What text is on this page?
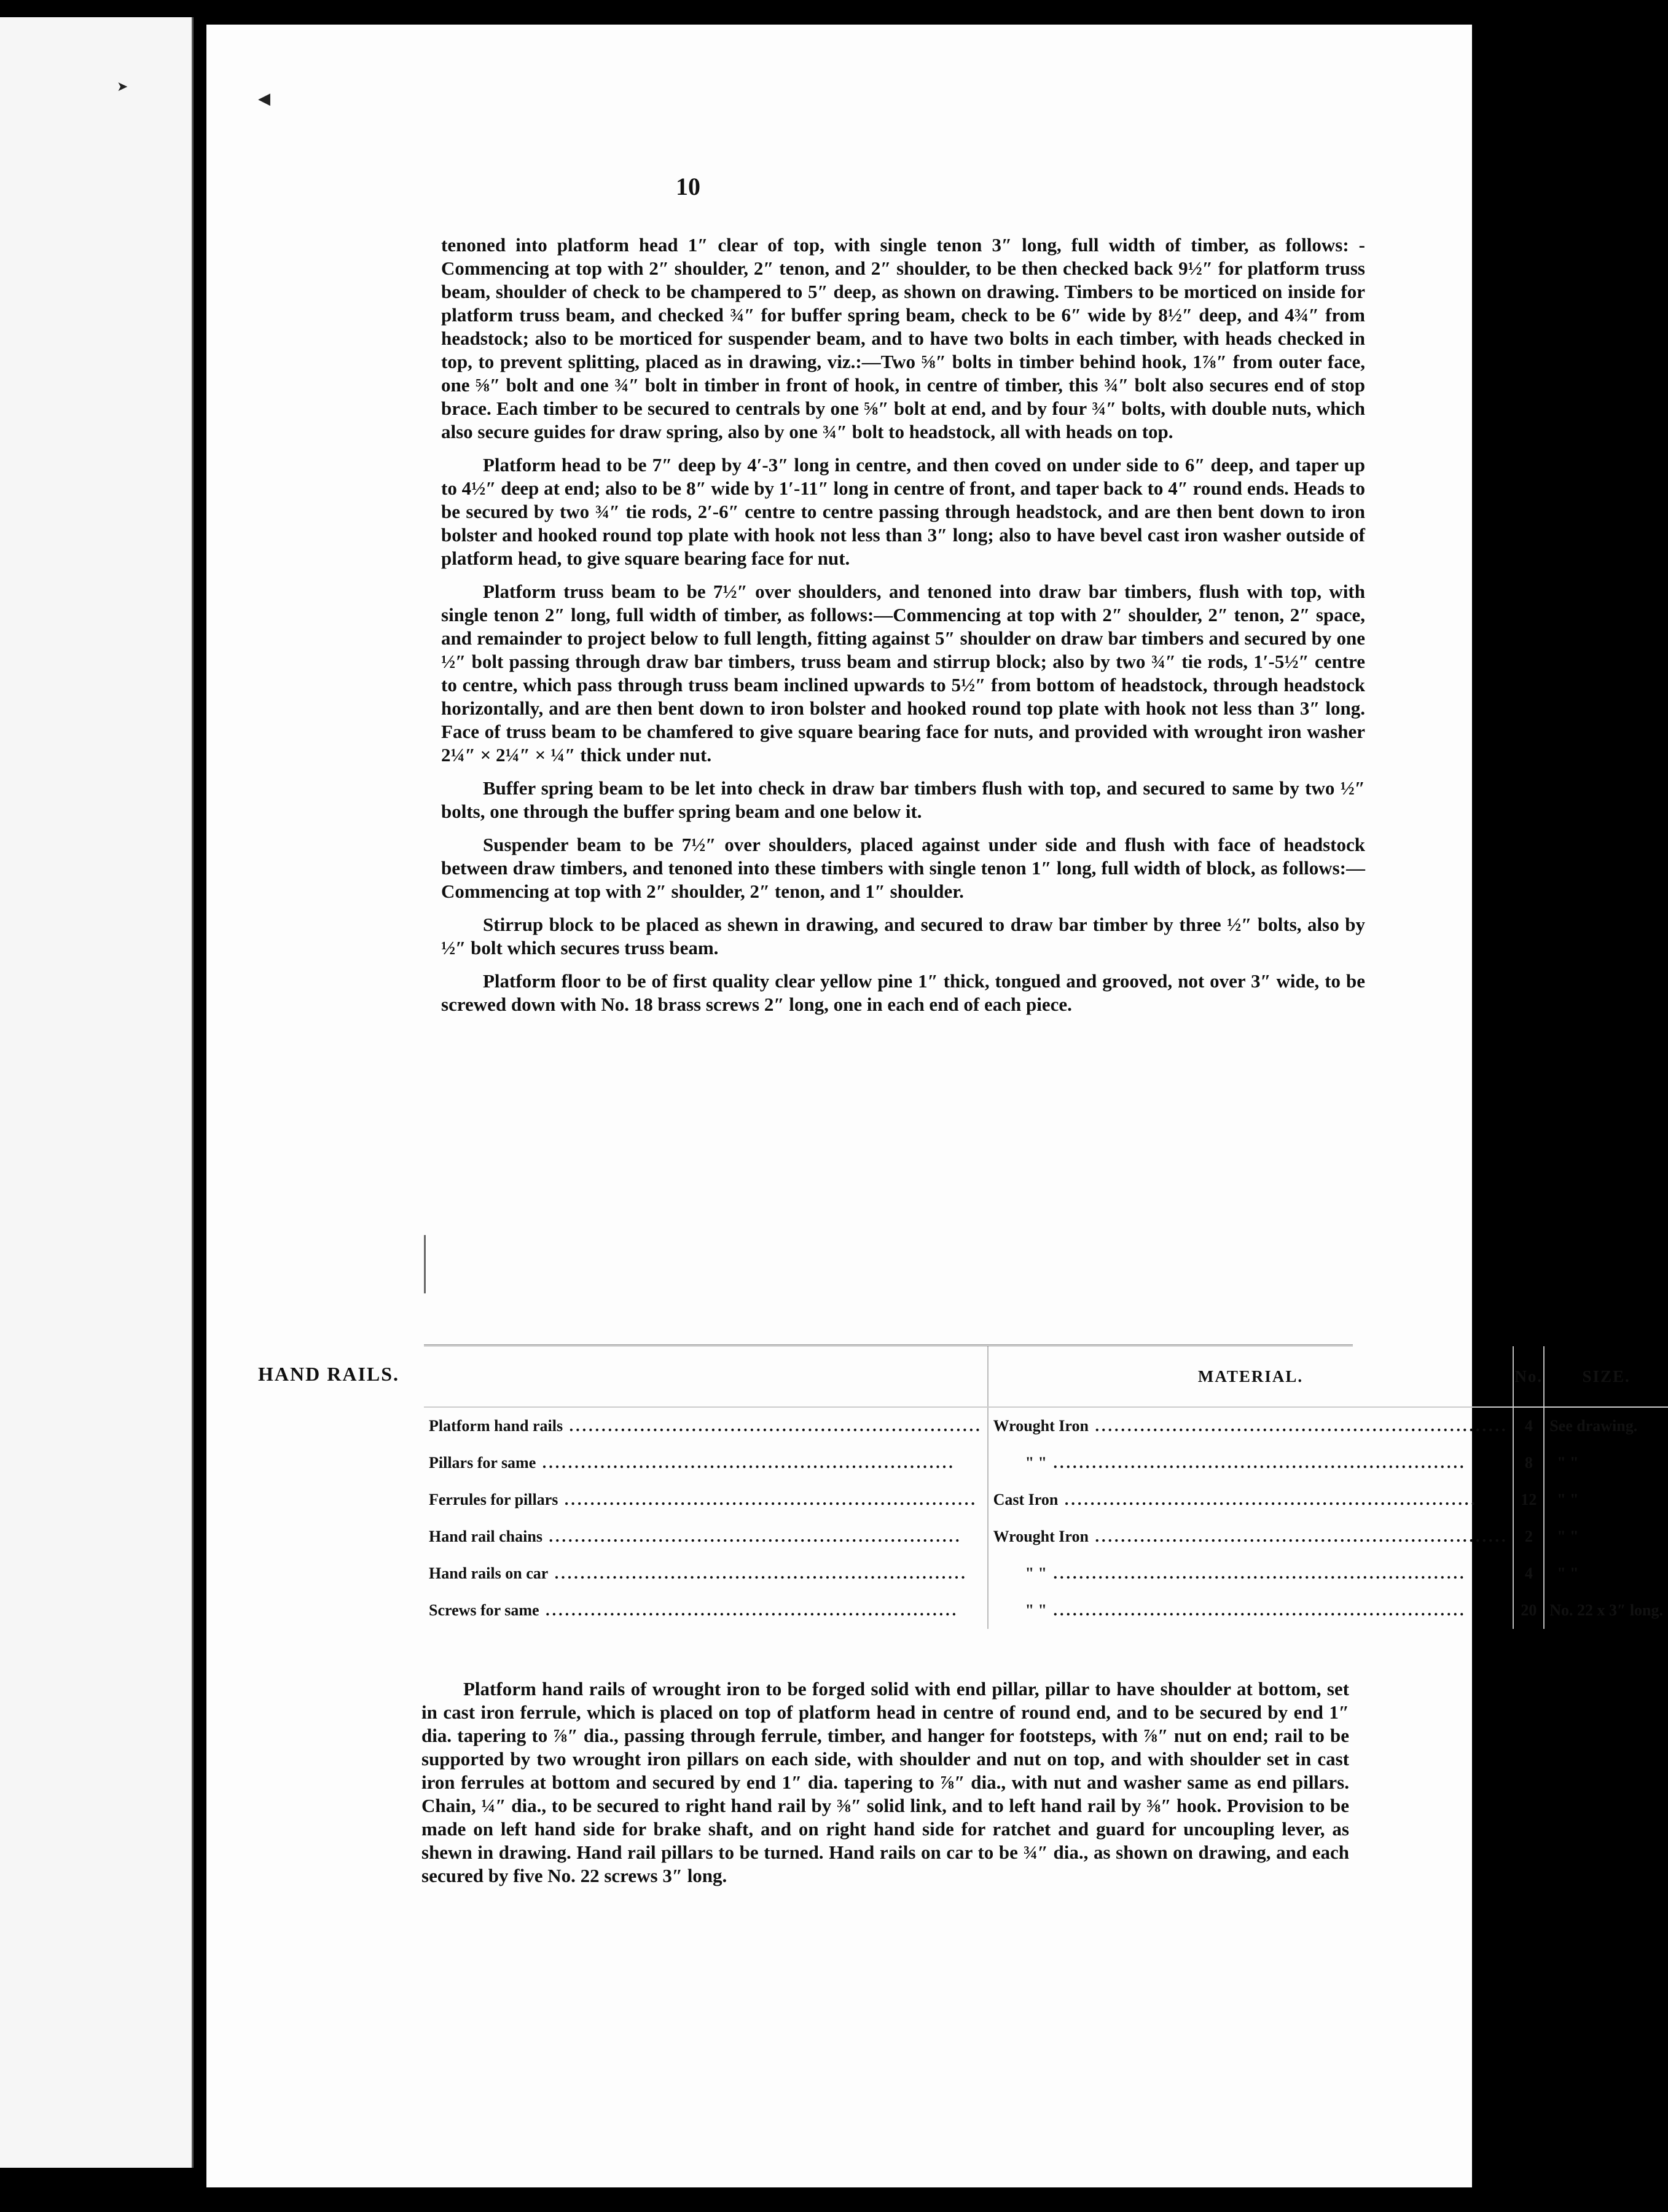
➤
◀
10

tenoned into platform head 1″ clear of top, with single tenon 3″ long, full width of timber, as follows: -Commencing at top with 2″ shoulder, 2″ tenon, and 2″ shoulder, to be then checked back 9½″ for platform truss beam, shoulder of check to be champered to 5″ deep, as shown on drawing. Timbers to be morticed on inside for platform truss beam, and checked ¾″ for buffer spring beam, check to be 6″ wide by 8½″ deep, and 4¾″ from headstock; also to be morticed for suspender beam, and to have two bolts in each timber, with heads checked in top, to prevent splitting, placed as in drawing, viz.:—Two ⅝″ bolts in timber behind hook, 1⅞″ from outer face, one ⅝″ bolt and one ¾″ bolt in timber in front of hook, in centre of timber, this ¾″ bolt also secures end of stop brace. Each timber to be secured to centrals by one ⅝″ bolt at end, and by four ¾″ bolts, with double nuts, which also secure guides for draw spring, also by one ¾″ bolt to headstock, all with heads on top.

Platform head to be 7″ deep by 4′-3″ long in centre, and then coved on under side to 6″ deep, and taper up to 4½″ deep at end; also to be 8″ wide by 1′-11″ long in centre of front, and taper back to 4″ round ends. Heads to be secured by two ¾″ tie rods, 2′-6″ centre to centre passing through headstock, and are then bent down to iron bolster and hooked round top plate with hook not less than 3″ long; also to have bevel cast iron washer outside of platform head, to give square bearing face for nut.

Platform truss beam to be 7½″ over shoulders, and tenoned into draw bar timbers, flush with top, with single tenon 2″ long, full width of timber, as follows:—Commencing at top with 2″ shoulder, 2″ tenon, 2″ space, and remainder to project below to full length, fitting against 5″ shoulder on draw bar timbers and secured by one ½″ bolt passing through draw bar timbers, truss beam and stirrup block; also by two ¾″ tie rods, 1′-5½″ centre to centre, which pass through truss beam inclined upwards to 5½″ from bottom of headstock, through headstock horizontally, and are then bent down to iron bolster and hooked round top plate with hook not less than 3″ long. Face of truss beam to be chamfered to give square bearing face for nuts, and provided with wrought iron washer 2¼″ × 2¼″ × ¼″ thick under nut.

Buffer spring beam to be let into check in draw bar timbers flush with top, and secured to same by two ½″ bolts, one through the buffer spring beam and one below it.

Suspender beam to be 7½″ over shoulders, placed against under side and flush with face of headstock between draw timbers, and tenoned into these timbers with single tenon 1″ long, full width of block, as follows:—Commencing at top with 2″ shoulder, 2″ tenon, and 1″ shoulder.

Stirrup block to be placed as shewn in drawing, and secured to draw bar timber by three ½″ bolts, also by ½″ bolt which secures truss beam.

Platform floor to be of first quality clear yellow pine 1″ thick, tongued and grooved, not over 3″ wide, to be screwed down with No. 18 brass screws 2″ long, one in each end of each piece.

HAND RAILS.
		MATERIAL.	No.	SIZE.
Platform hand rails .....	Wrought Iron .....	4	See drawing.
Pillars for same .....	" " .....	8	" "
Ferrules for pillars .....	Cast Iron .....	12	" "
Hand rail chains .....	Wrought Iron .....	2	" "
Hand rails on car .....	" " .....	4	" "
Screws for same .....	" " .....	20	No. 22 x 3″ long.

Platform hand rails of wrought iron to be forged solid with end pillar, pillar to have shoulder at bottom, set in cast iron ferrule, which is placed on top of platform head in centre of round end, and to be secured by end 1″ dia. tapering to ⅞″ dia., passing through ferrule, timber, and hanger for footsteps, with ⅞″ nut on end; rail to be supported by two wrought iron pillars on each side, with shoulder and nut on top, and with shoulder set in cast iron ferrules at bottom and secured by end 1″ dia. tapering to ⅞″ dia., with nut and washer same as end pillars. Chain, ¼″ dia., to be secured to right hand rail by ⅜″ solid link, and to left hand rail by ⅜″ hook. Provision to be made on left hand side for brake shaft, and on right hand side for ratchet and guard for uncoupling lever, as shewn in drawing. Hand rail pillars to be turned. Hand rails on car to be ¾″ dia., as shown on drawing, and each secured by five No. 22 screws 3″ long.
